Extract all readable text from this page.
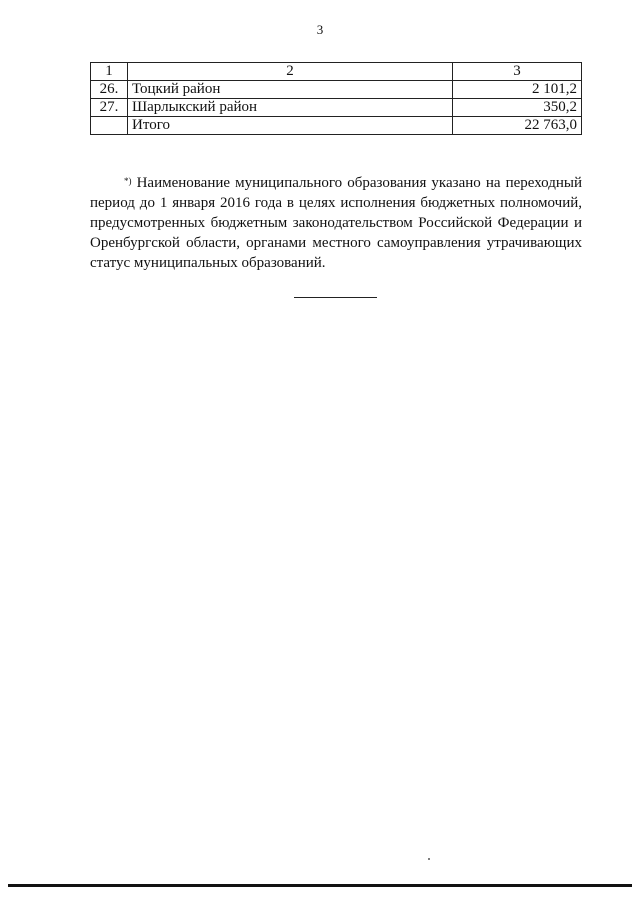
3
1	2	3
26.	Тоцкий район	2 101,2
27.	Шарлыкский район	350,2
	Итого	22 763,0
*) Наименование муниципального образования указано на переходный период до 1 января 2016 года в целях исполнения бюджетных полномочий, предусмотренных бюджетным законодательством Российской Федерации и Оренбургской области, органами местного самоуправления утрачивающих статус муниципальных образований.
